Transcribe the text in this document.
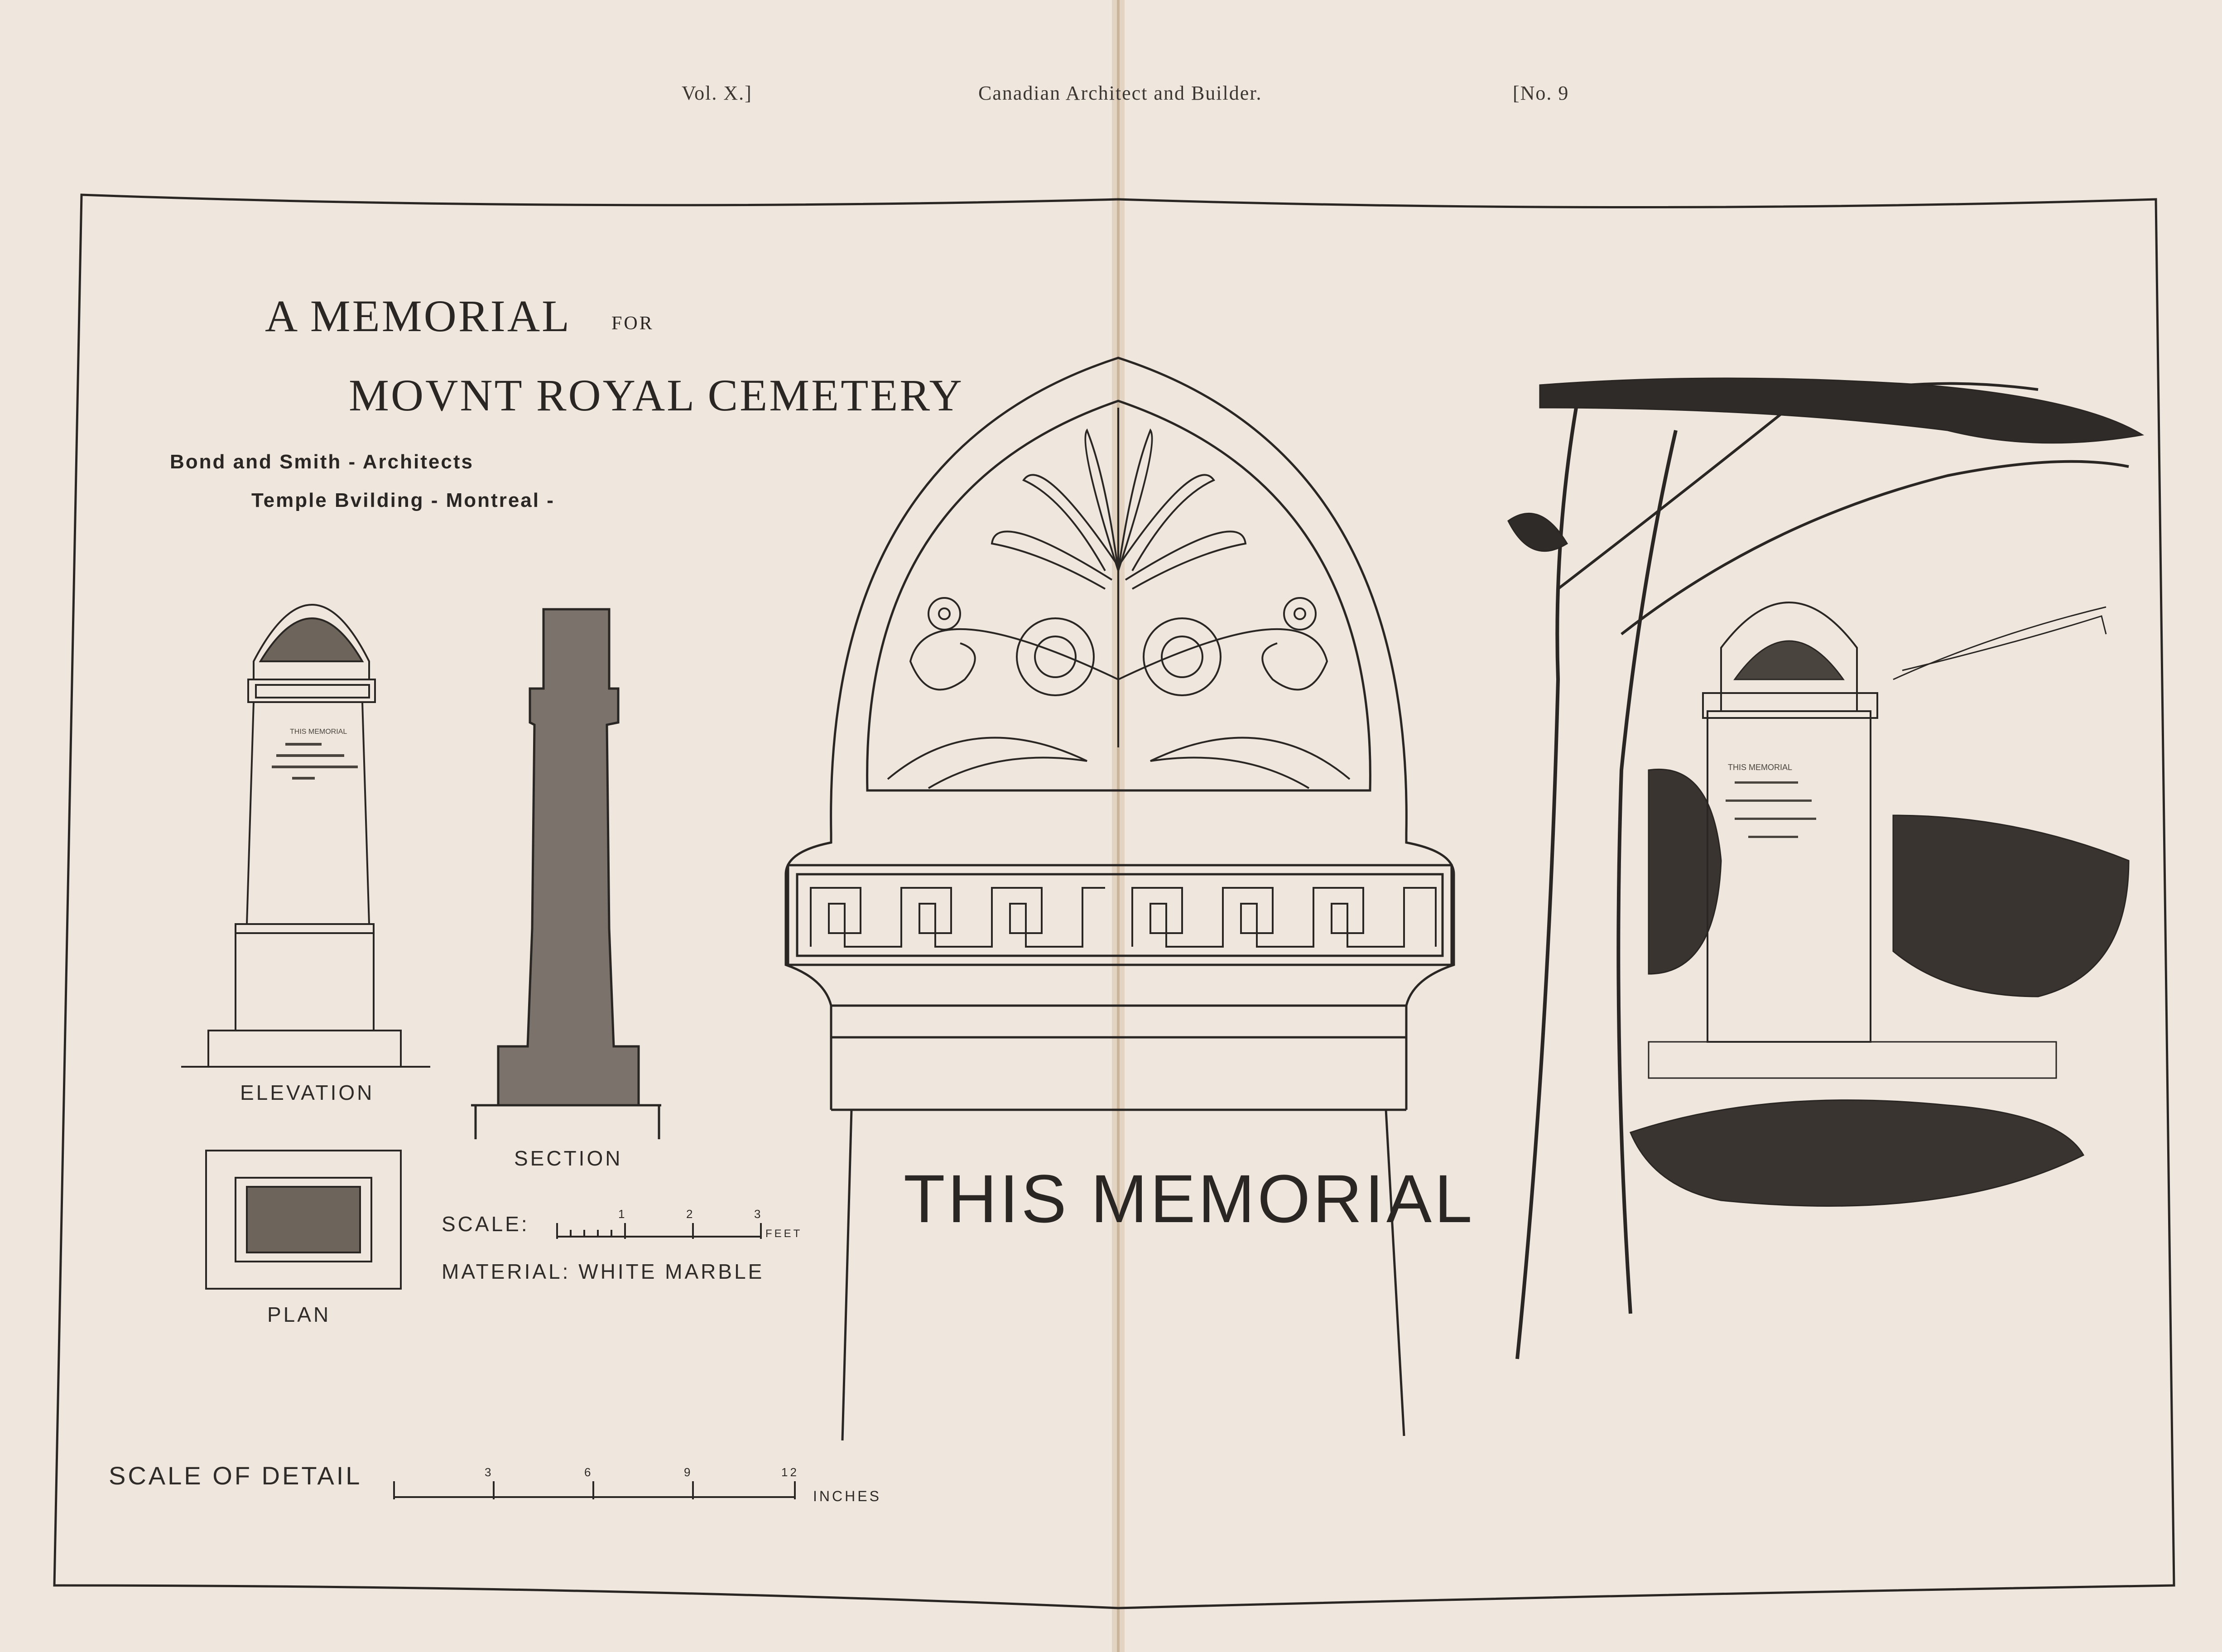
THIS MEMORIAL
THIS MEMORIAL
Vol. X.]	Canadian Architect and Builder.	[No. 9
A MEMORIAL FOR
MOVNT ROYAL CEMETERY
Bond and Smith - Architects
Temple Bvilding - Montreal -
ELEVATION
SECTION
PLAN
SCALE:	1	2	3
FEET
MATERIAL: WHITE MARBLE
SCALE OF DETAIL	3	6	9	12
INCHES
THIS MEMORIAL
